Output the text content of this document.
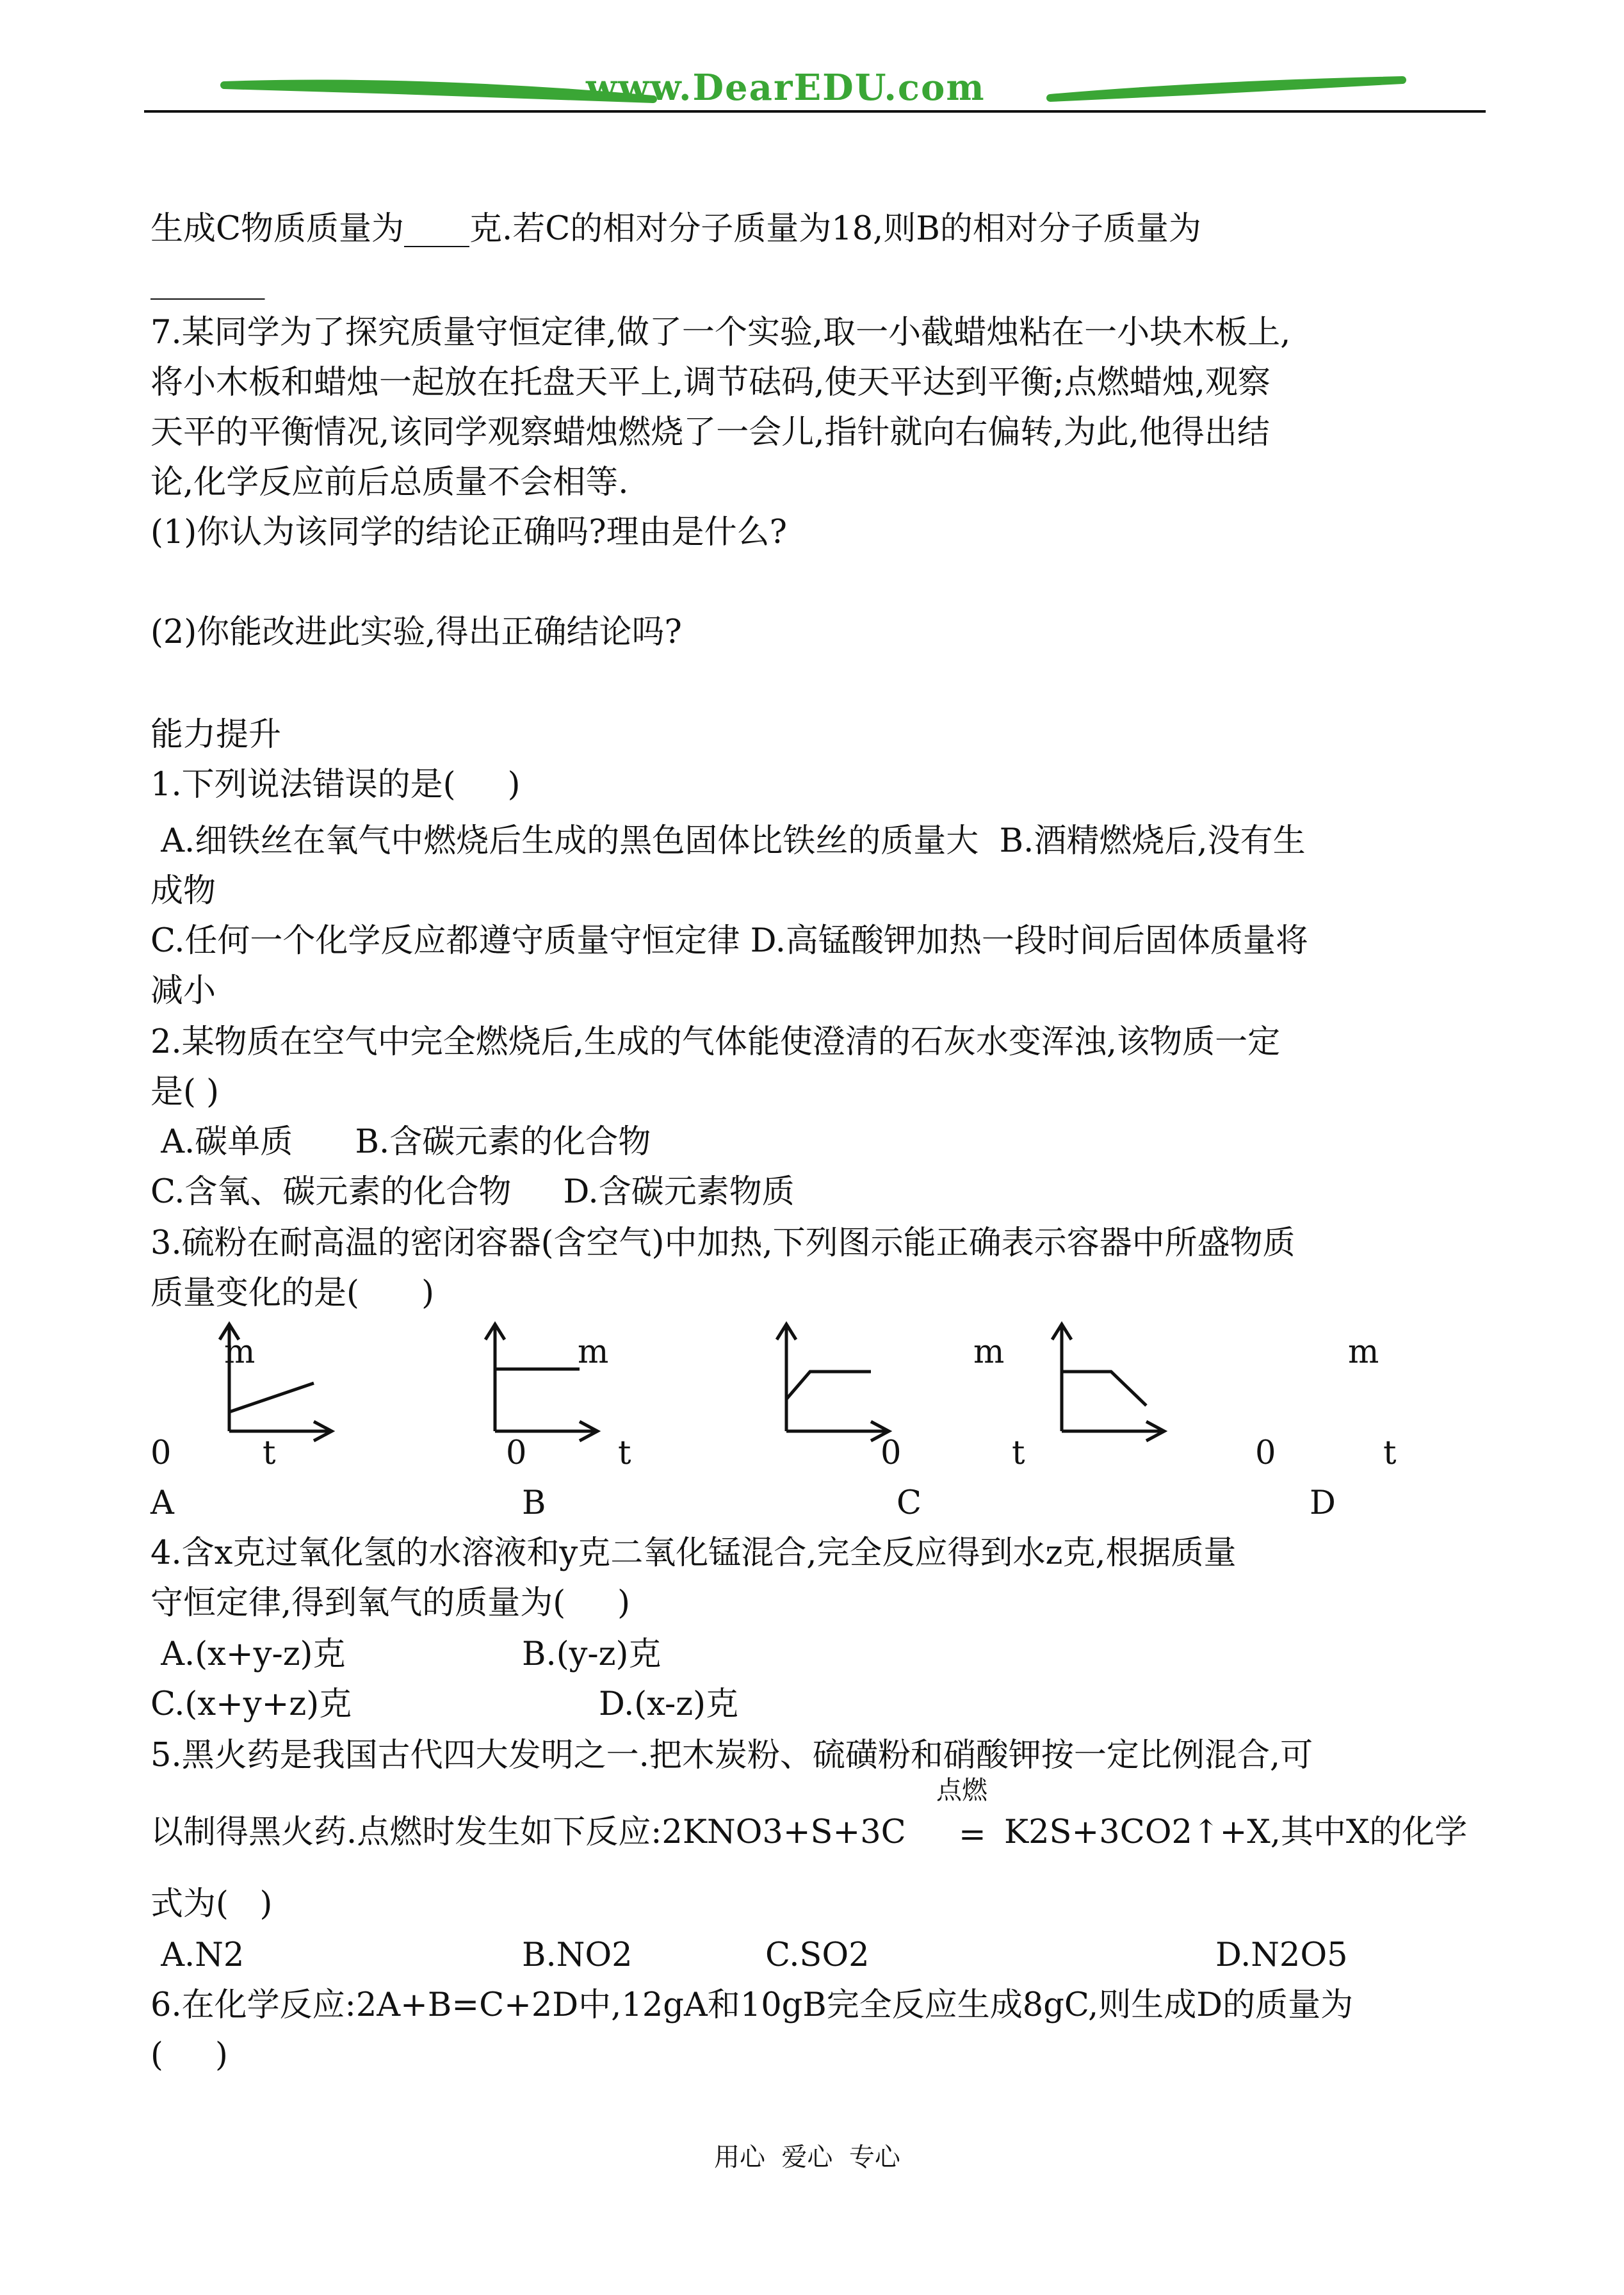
www.DearEDU.com
生成C物质质量为____克.若C的相对分子质量为18,则B的相对分子质量为
_______
7.某同学为了探究质量守恒定律,做了一个实验,取一小截蜡烛粘在一小块木板上,
将小木板和蜡烛一起放在托盘天平上,调节砝码,使天平达到平衡;点燃蜡烛,观察
天平的平衡情况,该同学观察蜡烛燃烧了一会儿,指针就向右偏转,为此,他得出结
论,化学反应前后总质量不会相等.
(1)你认为该同学的结论正确吗?理由是什么?
(2)你能改进此实验,得出正确结论吗?
能力提升
1.下列说法错误的是(     )
A.细铁丝在氧气中燃烧后生成的黑色固体比铁丝的质量大  B.酒精燃烧后,没有生
成物
C.任何一个化学反应都遵守质量守恒定律 D.高锰酸钾加热一段时间后固体质量将
减小
2.某物质在空气中完全燃烧后,生成的气体能使澄清的石灰水变浑浊,该物质一定
是( )
A.碳单质      B.含碳元素的化合物
C.含氧、碳元素的化合物     D.含碳元素物质
3.硫粉在耐高温的密闭容器(含空气)中加热,下列图示能正确表示容器中所盛物质
质量变化的是(      )
m	m	m	m
0	t	0	t	0	t	0	t
A	B	C	D
4.含x克过氧化氢的水溶液和y克二氧化锰混合,完全反应得到水z克,根据质量
守恒定律,得到氧气的质量为(     )
A.(x+y-z)克	B.(y-z)克
C.(x+y+z)克	D.(x-z)克
5.黑火药是我国古代四大发明之一.把木炭粉、硫磺粉和硝酸钾按一定比例混合,可
点燃
以制得黑火药.点燃时发生如下反应:2KNO3+S+3C = K2S+3CO2↑+X,其中X的化学
式为(   )
A.N2	B.NO2	C.SO2	D.N2O5
6.在化学反应:2A+B=C+2D中,12gA和10gB完全反应生成8gC,则生成D的质量为
(     )
用心  爱心  专心
